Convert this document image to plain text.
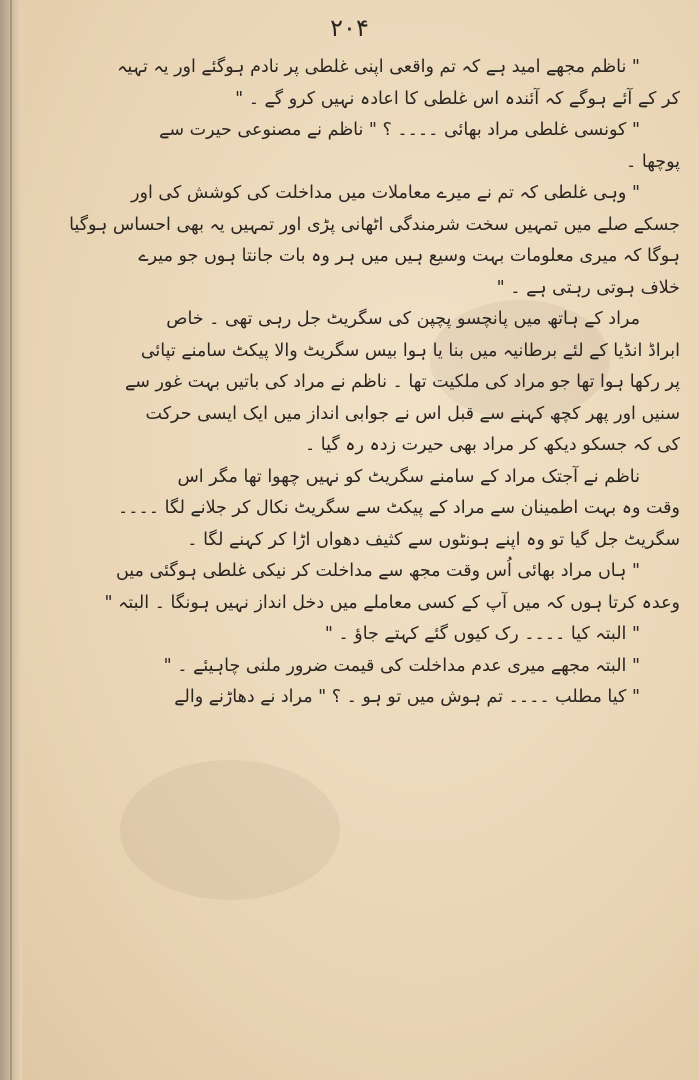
۲۰۴
" ناظم مجھے امید ہے کہ تم واقعی اپنی غلطی پر نادم ہوگئے اور یہ تہیہ
کر کے آئے ہوگے کہ آئندہ اس غلطی کا اعادہ نہیں کرو گے ۔ "
" کونسی غلطی مراد بھائی ۔۔۔۔ ؟ " ناظم نے مصنوعی حیرت سے
پوچھا ۔
" وہی غلطی کہ تم نے میرے معاملات میں مداخلت کی کوشش کی اور
جسکے صلے میں تمہیں سخت شرمندگی اٹھانی پڑی اور تمہیں یہ بھی احساس ہوگیا
ہوگا کہ میری معلومات بہت وسیع ہیں میں ہر وہ بات جانتا ہوں جو میرے
خلاف ہوتی رہتی ہے ۔ "
مراد کے ہاتھ میں پانچسو پچپن کی سگریٹ جل رہی تھی ۔ خاص
ابراڈ انڈیا کے لئے برطانیہ میں بنا یا ہوا بیس سگریٹ والا پیکٹ سامنے تپائی
پر رکھا ہوا تھا جو مراد کی ملکیت تھا ۔ ناظم نے مراد کی باتیں بہت غور سے
سنیں اور پھر کچھ کہنے سے قبل اس نے جوابی انداز میں ایک ایسی حرکت
کی کہ جسکو دیکھ کر مراد بھی حیرت زدہ رہ گیا ۔
ناظم نے آجتک مراد کے سامنے سگریٹ کو نہیں چھوا تھا مگر اس
وقت وہ بہت اطمینان سے مراد کے پیکٹ سے سگریٹ نکال کر جلانے لگا ۔۔۔۔
سگریٹ جل گیا تو وہ اپنے ہونٹوں سے کثیف دھواں اڑا کر کہنے لگا ۔
" ہاں مراد بھائی اُس وقت مجھ سے مداخلت کر نیکی غلطی ہوگئی میں
وعدہ کرتا ہوں کہ میں آپ کے کسی معاملے میں دخل انداز نہیں ہونگا ۔ البتہ "
" البتہ کیا ۔۔۔۔ رک کیوں گئے کہتے جاؤ ۔ "
" البتہ مجھے میری عدم مداخلت کی قیمت ضرور ملنی چاہیئے ۔ "
" کیا مطلب ۔۔۔۔ تم ہوش میں تو ہو ۔ ؟ " مراد نے دھاڑنے والے
